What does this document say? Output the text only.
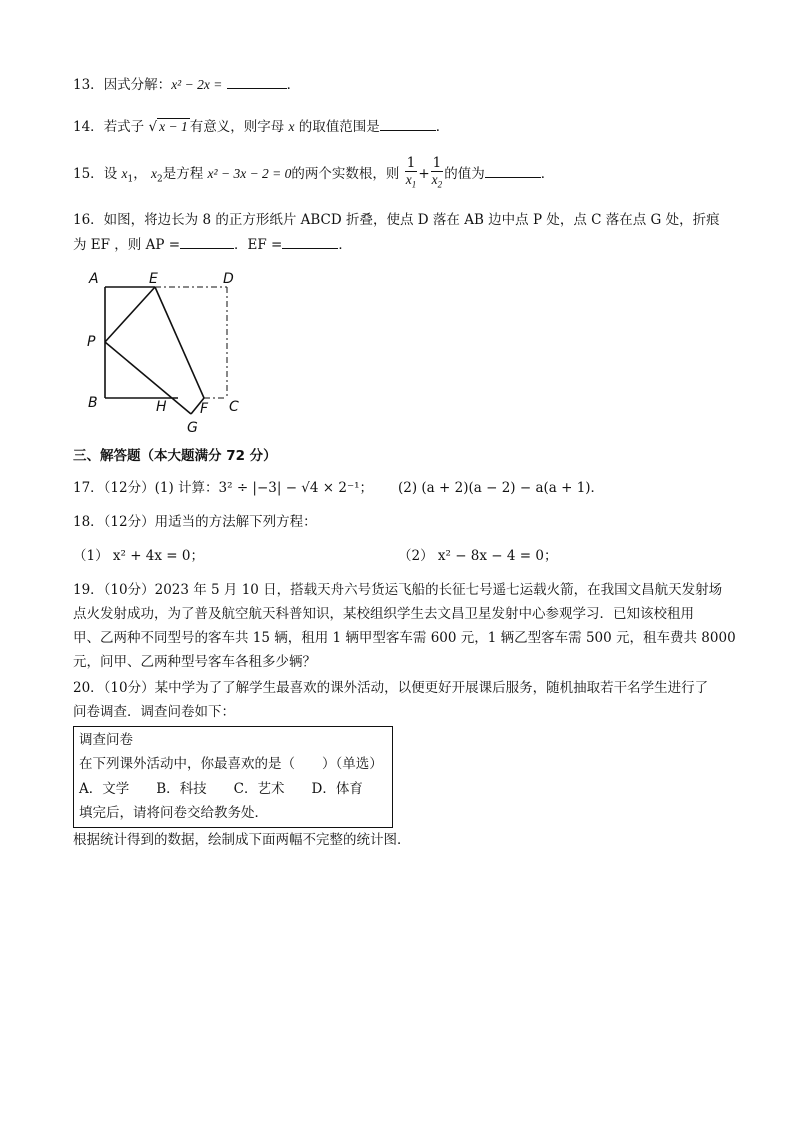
13．因式分解：x² − 2x =	．
14．若式子 √ x − 1 有意义，则字母 x 的取值范围是	．
15．设 $x_1$， $x_2$是方程 x² − 3x − 2 = 0的两个实数根，则 $\frac{1}{x_1} + \frac{1}{x_2}$ 的值为	．
16．如图，将边长为 8 的正方形纸片 ABCD 折叠，使点 D 落在 AB 边中点 P 处，点 C 落在点 G 处，折痕
为 EF ，则 AP =	．EF =	．
A	E	D
P
B	H F C
G
三、解答题（本大题满分 72 分）
17．（12分）(1) 计算：3² ÷ |−3| − √4 × 2⁻¹； (2) (a + 2)(a − 2) − a(a + 1)．
18．（12分）用适当的方法解下列方程：
（1） x² + 4x = 0；	（2） x² − 8x − 4 = 0；
19．（10分）2023 年 5 月 10 日，搭载天舟六号货运飞船的长征七号遥七运载火箭，在我国文昌航天发射场
点火发射成功，为了普及航空航天科普知识，某校组织学生去文昌卫星发射中心参观学习．已知该校租用
甲、乙两种不同型号的客车共 15 辆，租用 1 辆甲型客车需 600 元，1 辆乙型客车需 500 元，租车费共 8000
元，问甲、乙两种型号客车各租多少辆？
20．（10分）某中学为了了解学生最喜欢的课外活动，以便更好开展课后服务，随机抽取若干名学生进行了
问卷调查．调查问卷如下：
调查问卷
在下列课外活动中，你最喜欢的是（　　）（单选）
A．文学　　B．科技　　C．艺术　　D．体育
填完后，请将问卷交给教务处．
根据统计得到的数据，绘制成下面两幅不完整的统计图．
